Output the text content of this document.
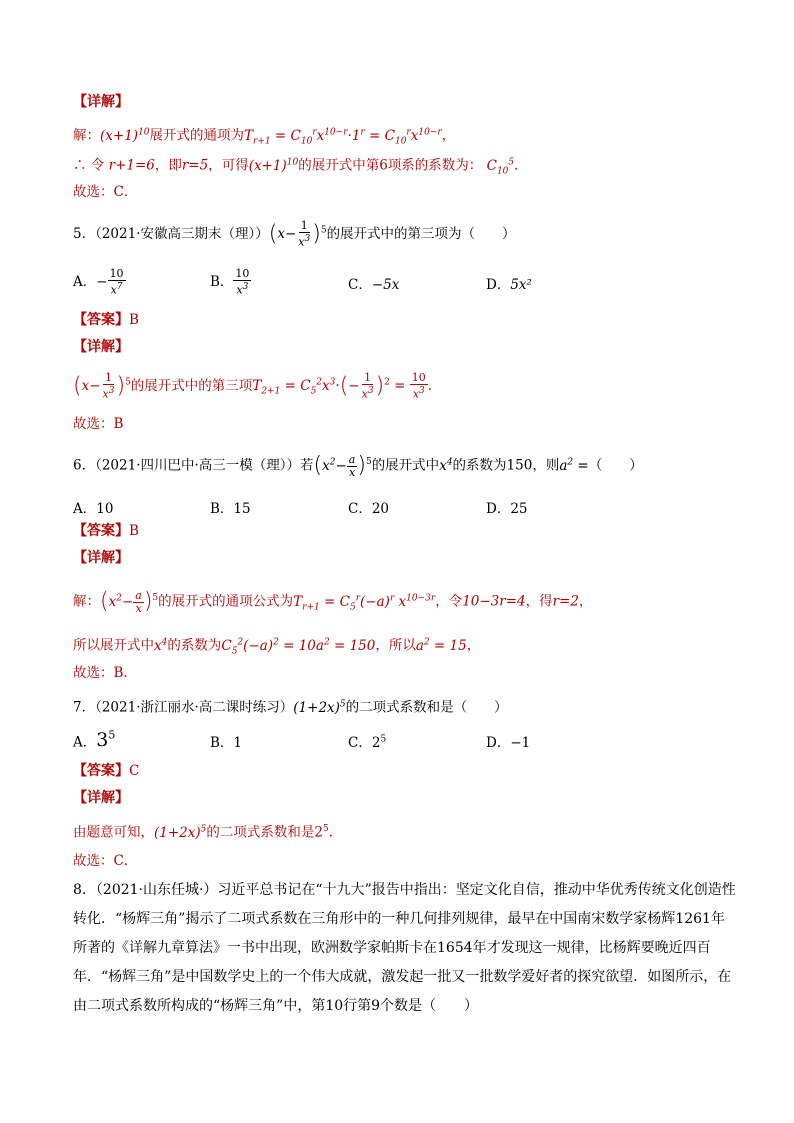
【详解】
解：$(x+1)^{10}$展开式的通项为$T_{r+1} = C_{10}^rx^{10-r}\cdot 1^r = C_{10}^rx^{10-r}$，
∴ 令 r+1=6，即r=5，可得$(x+1)^{10}$的展开式中第6项系的系数为： $C_{10}^5$．
故选：C．
5．（2021·安徽高三期末（理））$(x- \frac{1}{x^3} )^5$的展开式中的第三项为（　　）
A．− $\frac{10}{x^7}$	B． $\frac{10}{x^3}$	C．−5x	D．5x²
【答案】B
【详解】
$(x- \frac{1}{x^3} )^5$的展开式中的第三项$T_{2+1} = C_5^2x^3\cdot(- \frac{1}{x^3} )^2 = \frac{10}{x^3}$ ．
故选：B
6．（2021·四川巴中·高三一模（理））若$(x^2- \frac{a}{x} )^5$的展开式中$x^4$的系数为150，则$a^2$ =（　　）
A．10	B．15	C．20	D．25
【答案】B
【详解】
解：$(x^2- \frac{a}{x} )^5$的展开式的通项公式为$T_{r+1} = C_5^r(-a)^r$ $x^{10-3r}$，令10−3r=4，得r=2，
所以展开式中$x^4$的系数为$C_5^2(-a)^2 = 10a^2 = 150$，所以$a^2 = 15$，
故选：B．
7．（2021·浙江丽水·高二课时练习）$(1+2x)^5$的二项式系数和是（　　）
A．$3^5$	B．1	C．$2^5$	D．−1
【答案】C
【详解】
由题意可知，$(1+2x)^5$的二项式系数和是$2^5$．
故选：C．
8．（2021·山东任城·）习近平总书记在“十九大”报告中指出：坚定文化自信，推动中华优秀传统文化创造性转化．“杨辉三角”揭示了二项式系数在三角形中的一种几何排列规律，最早在中国南宋数学家杨辉1261年所著的《详解九章算法》一书中出现，欧洲数学家帕斯卡在1654年才发现这一规律，比杨辉要晚近四百年．“杨辉三角”是中国数学史上的一个伟大成就，激发起一批又一批数学爱好者的探究欲望．如图所示，在由二项式系数所构成的“杨辉三角”中，第10行第9个数是（　　）
